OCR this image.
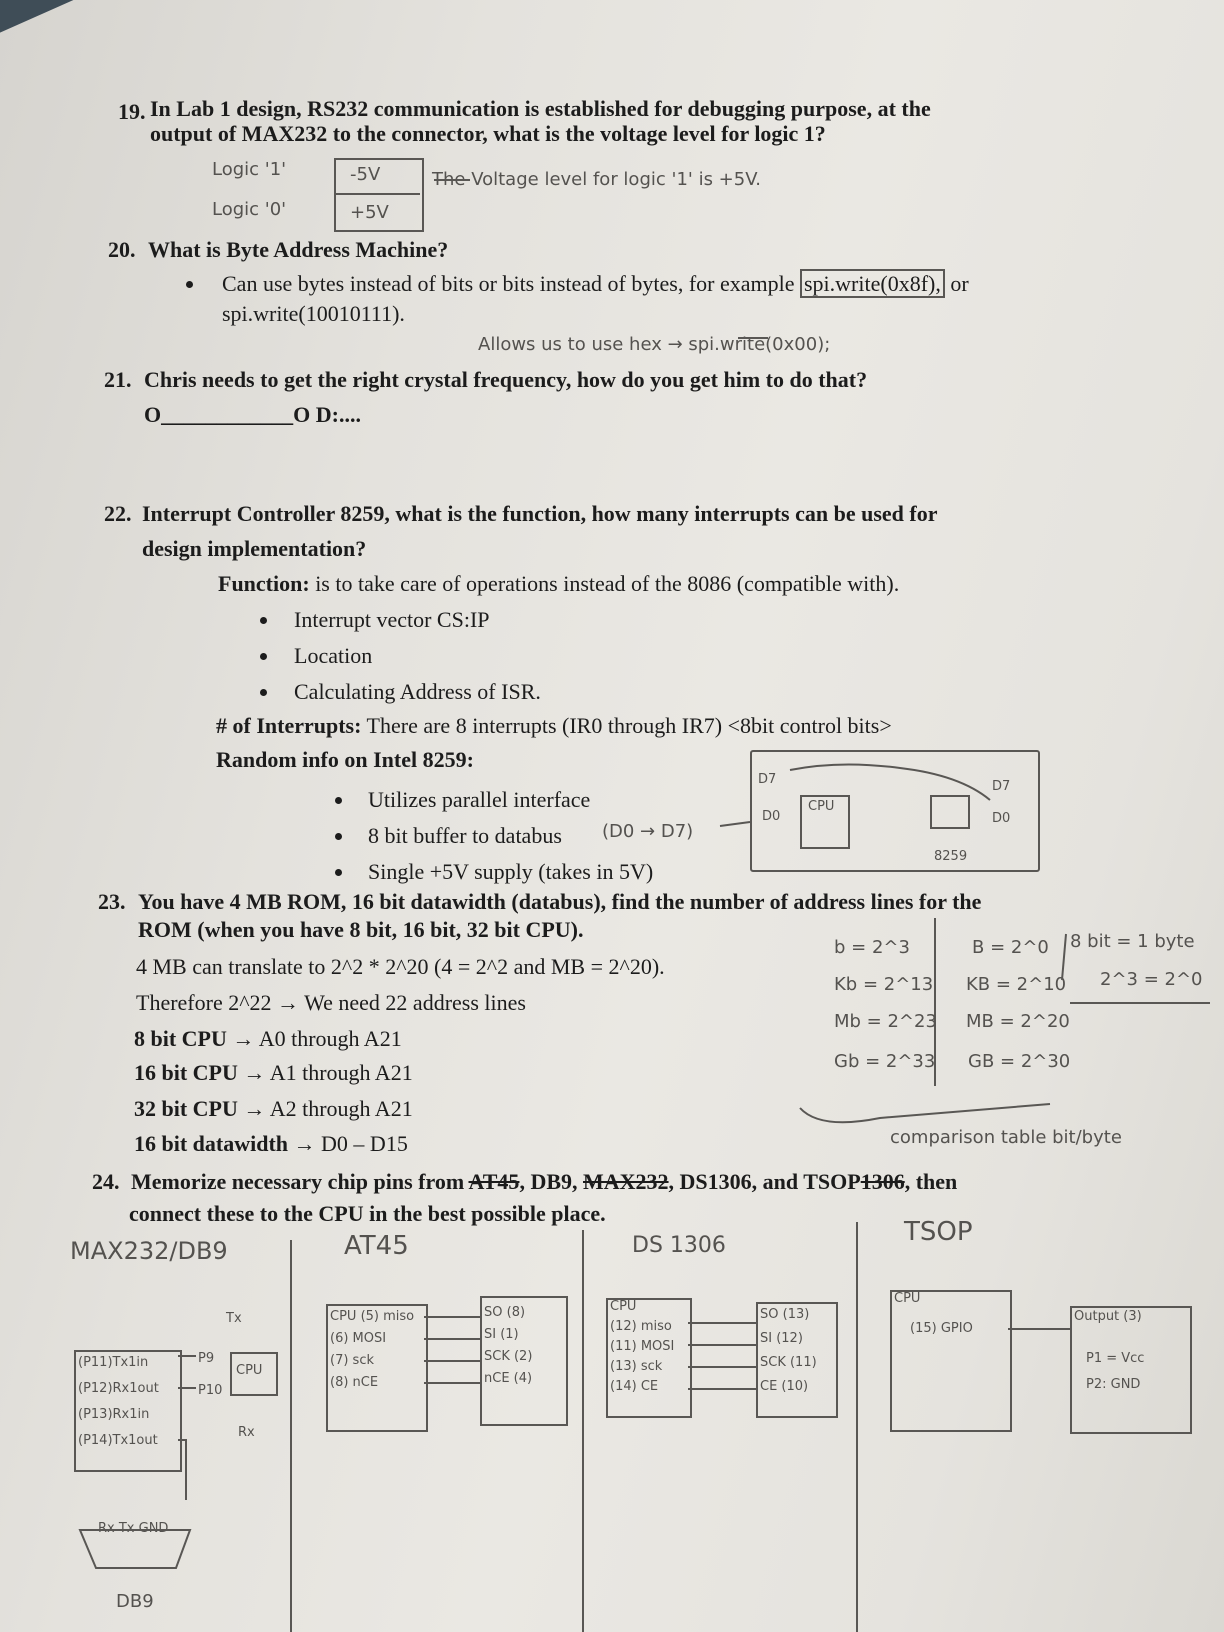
19. In Lab 1 design, RS232 communication is established for debugging purpose, at the
output of MAX232 to the connector, what is the voltage level for logic 1?
Logic '1'
Logic '0'
-5V
+5V
The Voltage level for logic '1' is +5V.
20. What is Byte Address Machine?
Can use bytes instead of bits or bits instead of bytes, for example spi.write(0x8f), or
spi.write(10010111).
Allows us to use hex → spi.write(0x00);
21. Chris needs to get the right crystal frequency, how do you get him to do that?
O____________O D:....
22. Interrupt Controller 8259, what is the function, how many interrupts can be used for
design implementation?
Function: is to take care of operations instead of the 8086 (compatible with).
Interrupt vector CS:IP
Location
Calculating Address of ISR.
# of Interrupts: There are 8 interrupts (IR0 through IR7) <8bit control bits>
Random info on Intel 8259:
Utilizes parallel interface
8 bit buffer to databus (D0 → D7)
Single +5V supply (takes in 5V)
D7
D0
CPU
D7
D0
8259
23. You have 4 MB ROM, 16 bit datawidth (databus), find the number of address lines for the
ROM (when you have 8 bit, 16 bit, 32 bit CPU).
4 MB can translate to 2^2 * 2^20 (4 = 2^2 and MB = 2^20).
Therefore 2^22 → We need 22 address lines
8 bit CPU → A0 through A21
16 bit CPU → A1 through A21
32 bit CPU → A2 through A21
16 bit datawidth → D0 – D15
b = 2^3
Kb = 2^13
Mb = 2^23
Gb = 2^33
B = 2^0
KB = 2^10
MB = 2^20
GB = 2^30
8 bit = 1 byte
2^3 = 2^0
comparison table bit/byte
24. Memorize necessary chip pins from AT45, DB9, MAX232, DS1306, and TSOP1306, then
connect these to the CPU in the best possible place.
MAX232/DB9
(P11)Tx1in
(P12)Rx1out
(P13)Rx1in
(P14)Tx1out
P9
P10
CPU
Tx
Rx
Rx Tx GND
DB9
AT45
CPU (5) miso
(6) MOSI
(7) sck
(8) nCE
SO (8)
SI (1)
SCK (2)
nCE (4)
DS 1306
CPU
(12) miso
(11) MOSI
(13) sck
(14) CE
SO (13)
SI (12)
SCK (11)
CE (10)
TSOP
CPU
(15) GPIO
Output (3)
P1 = Vcc
P2: GND
